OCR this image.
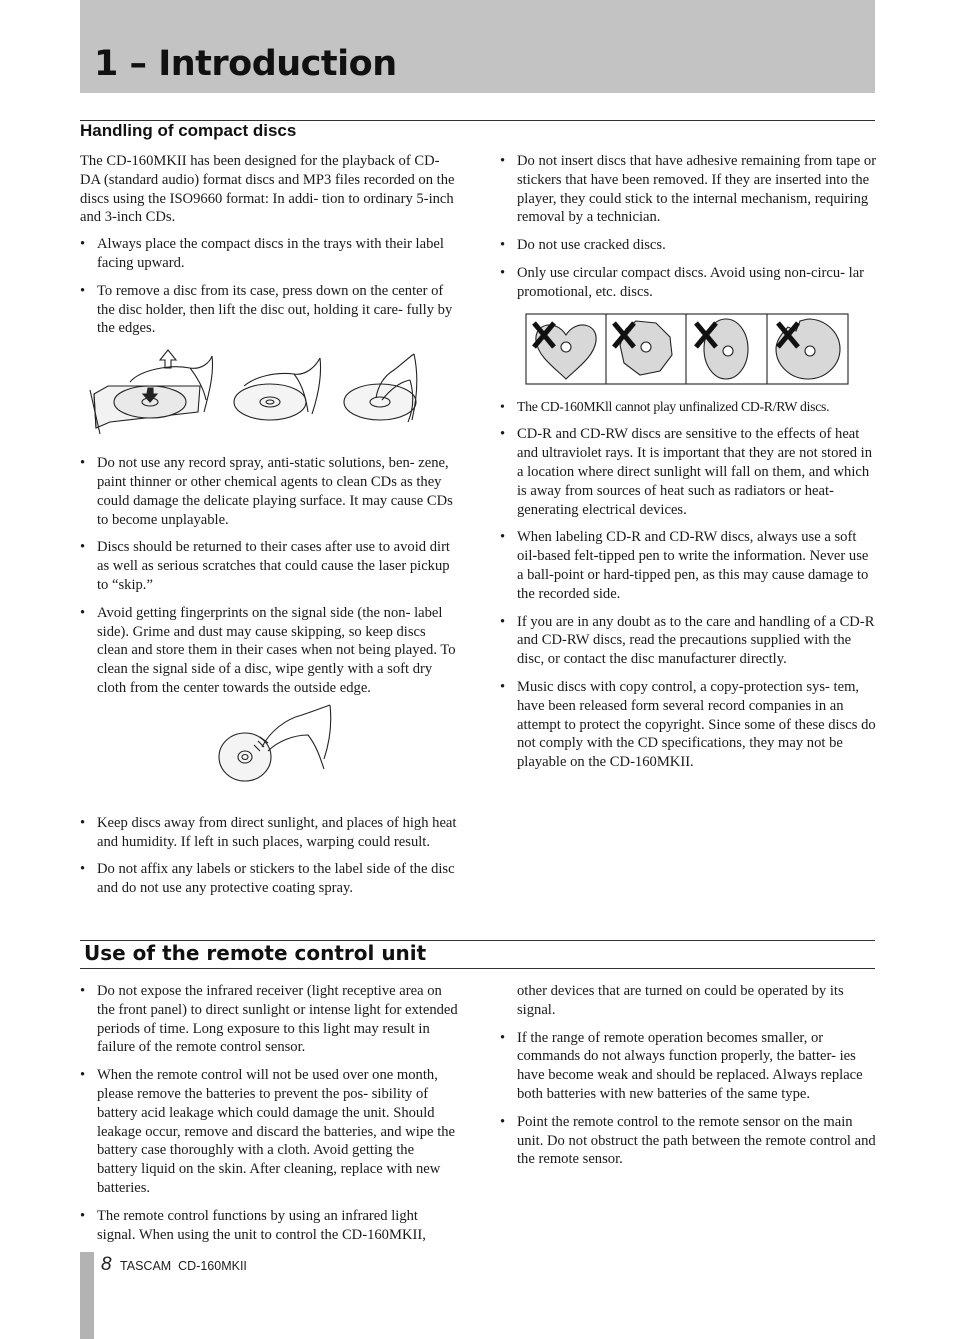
1 – Introduction
Handling of compact discs

The CD-160MKII has been designed for the playback of CD-DA (standard audio) format discs and MP3 files recorded on the discs using the ISO9660 format: In addi- tion to ordinary 5-inch and 3-inch CDs.

• Always place the compact discs in the trays with their label facing upward.
• To remove a disc from its case, press down on the center of the disc holder, then lift the disc out, holding it care- fully by the edges.
• Do not use any record spray, anti-static solutions, ben- zene, paint thinner or other chemical agents to clean CDs as they could damage the delicate playing surface. It may cause CDs to become unplayable.
• Discs should be returned to their cases after use to avoid dirt as well as serious scratches that could cause the laser pickup to “skip.”
• Avoid getting fingerprints on the signal side (the non- label side). Grime and dust may cause skipping, so keep discs clean and store them in their cases when not being played. To clean the signal side of a disc, wipe gently with a soft dry cloth from the center towards the outside edge.
• Keep discs away from direct sunlight, and places of high heat and humidity. If left in such places, warping could result.
• Do not affix any labels or stickers to the label side of the disc and do not use any protective coating spray.
• Do not insert discs that have adhesive remaining from tape or stickers that have been removed. If they are inserted into the player, they could stick to the internal mechanism, requiring removal by a technician.
• Do not use cracked discs.
• Only use circular compact discs. Avoid using non-circu- lar promotional, etc. discs.
• The CD-160MKll cannot play unfinalized CD-R/RW discs.
• CD-R and CD-RW discs are sensitive to the effects of heat and ultraviolet rays. It is important that they are not stored in a location where direct sunlight will fall on them, and which is away from sources of heat such as radiators or heat-generating electrical devices.
• When labeling CD-R and CD-RW discs, always use a soft oil-based felt-tipped pen to write the information. Never use a ball-point or hard-tipped pen, as this may cause damage to the recorded side.
• If you are in any doubt as to the care and handling of a CD-R and CD-RW discs, read the precautions supplied with the disc, or contact the disc manufacturer directly.
• Music discs with copy control, a copy-protection sys- tem, have been released form several record companies in an attempt to protect the copyright. Since some of these discs do not comply with the CD specifications, they may not be playable on the CD-160MKII.
Use of the remote control unit
• Do not expose the infrared receiver (light receptive area on the front panel) to direct sunlight or intense light for extended periods of time. Long exposure to this light may result in failure of the remote control sensor.
• When the remote control will not be used over one month, please remove the batteries to prevent the pos- sibility of battery acid leakage which could damage the unit. Should leakage occur, remove and discard the batteries, and wipe the battery case thoroughly with a cloth. Avoid getting the battery liquid on the skin. After cleaning, replace with new batteries.
• The remote control functions by using an infrared light signal. When using the unit to control the CD-160MKII,

other devices that are turned on could be operated by its signal.

• If the range of remote operation becomes smaller, or commands do not always function properly, the batter- ies have become weak and should be replaced. Always replace both batteries with new batteries of the same type.
• Point the remote control to the remote sensor on the main unit. Do not obstruct the path between the remote control and the remote sensor.
8 TASCAM  CD-160MKII
